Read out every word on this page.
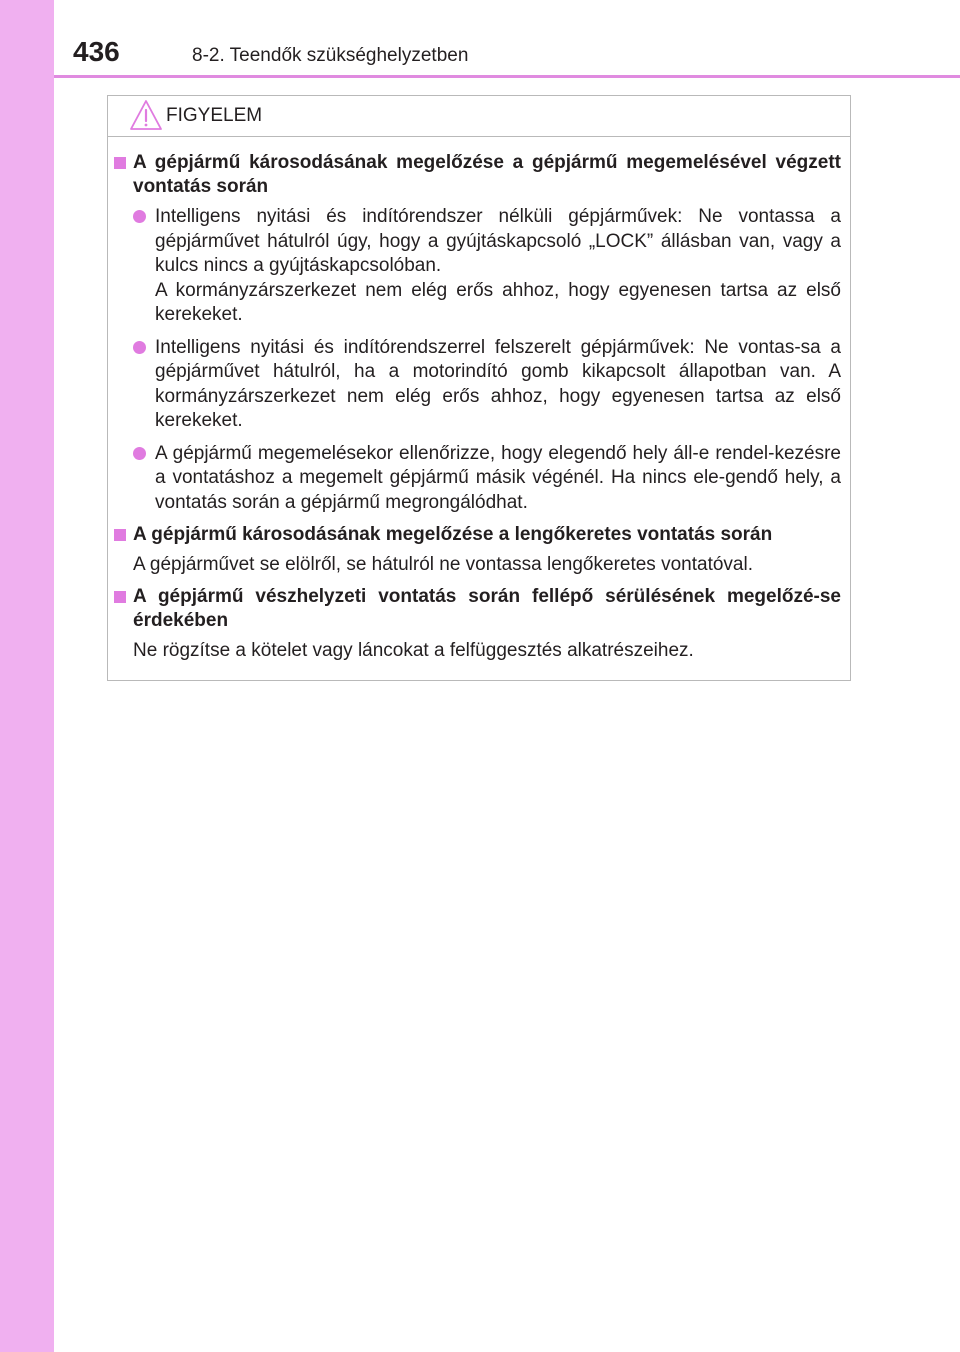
436	8-2. Teendők szükséghelyzetben
FIGYELEM
A gépjármű károsodásának megelőzése a gépjármű megemelésével végzett vontatás során

Intelligens nyitási és indítórendszer nélküli gépjárművek: Ne vontassa a gépjárművet hátulról úgy, hogy a gyújtáskapcsoló „LOCK” állásban van, vagy a kulcs nincs a gyújtáskapcsolóban.

A kormányzárszerkezet nem elég erős ahhoz, hogy egyenesen tartsa az első kerekeket.

Intelligens nyitási és indítórendszerrel felszerelt gépjárművek: Ne vontas-sa a gépjárművet hátulról, ha a motorindító gomb kikapcsolt állapotban van. A kormányzárszerkezet nem elég erős ahhoz, hogy egyenesen tartsa az első kerekeket.

A gépjármű megemelésekor ellenőrizze, hogy elegendő hely áll-e rendel-kezésre a vontatáshoz a megemelt gépjármű másik végénél. Ha nincs ele-gendő hely, a vontatás során a gépjármű megrongálódhat.

A gépjármű károsodásának megelőzése a lengőkeretes vontatás során

A gépjárművet se elölről, se hátulról ne vontassa lengőkeretes vontatóval.

A gépjármű vészhelyzeti vontatás során fellépő sérülésének megelőzé-se érdekében

Ne rögzítse a kötelet vagy láncokat a felfüggesztés alkatrészeihez.
